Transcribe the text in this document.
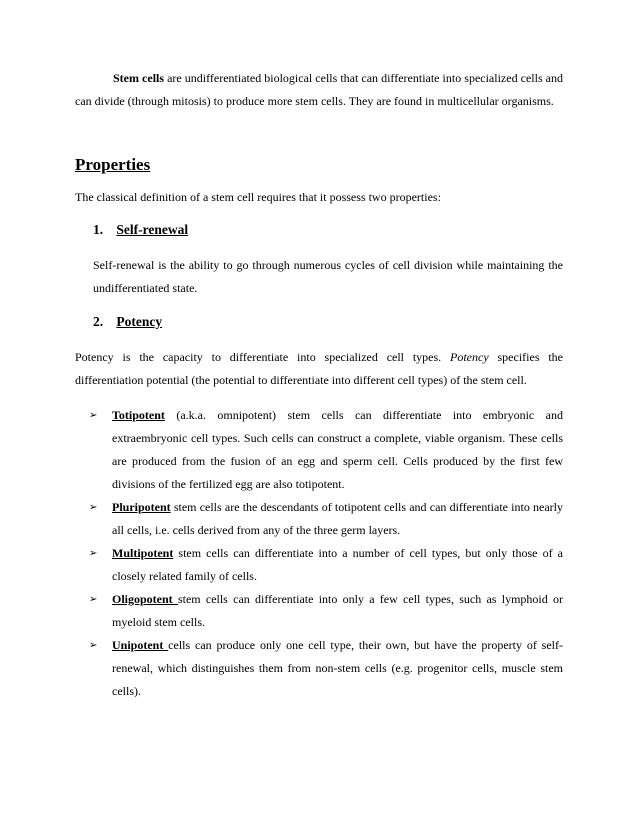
Stem cells are undifferentiated biological cells that can differentiate into specialized cells and can divide (through mitosis) to produce more stem cells. They are found in multicellular organisms.

Properties

The classical definition of a stem cell requires that it possess two properties:

1. Self-renewal

Self-renewal is the ability to go through numerous cycles of cell division while maintaining the undifferentiated state.

2. Potency

Potency is the capacity to differentiate into specialized cell types. Potency specifies the differentiation potential (the potential to differentiate into different cell types) of the stem cell.

➢ Totipotent (a.k.a. omnipotent) stem cells can differentiate into embryonic and extraembryonic cell types. Such cells can construct a complete, viable organism. These cells are produced from the fusion of an egg and sperm cell. Cells produced by the first few divisions of the fertilized egg are also totipotent.
➢ Pluripotent stem cells are the descendants of totipotent cells and can differentiate into nearly all cells, i.e. cells derived from any of the three germ layers.
➢ Multipotent stem cells can differentiate into a number of cell types, but only those of a closely related family of cells.
➢ Oligopotent stem cells can differentiate into only a few cell types, such as lymphoid or myeloid stem cells.
➢ Unipotent cells can produce only one cell type, their own, but have the property of self-renewal, which distinguishes them from non-stem cells (e.g. progenitor cells, muscle stem cells).
